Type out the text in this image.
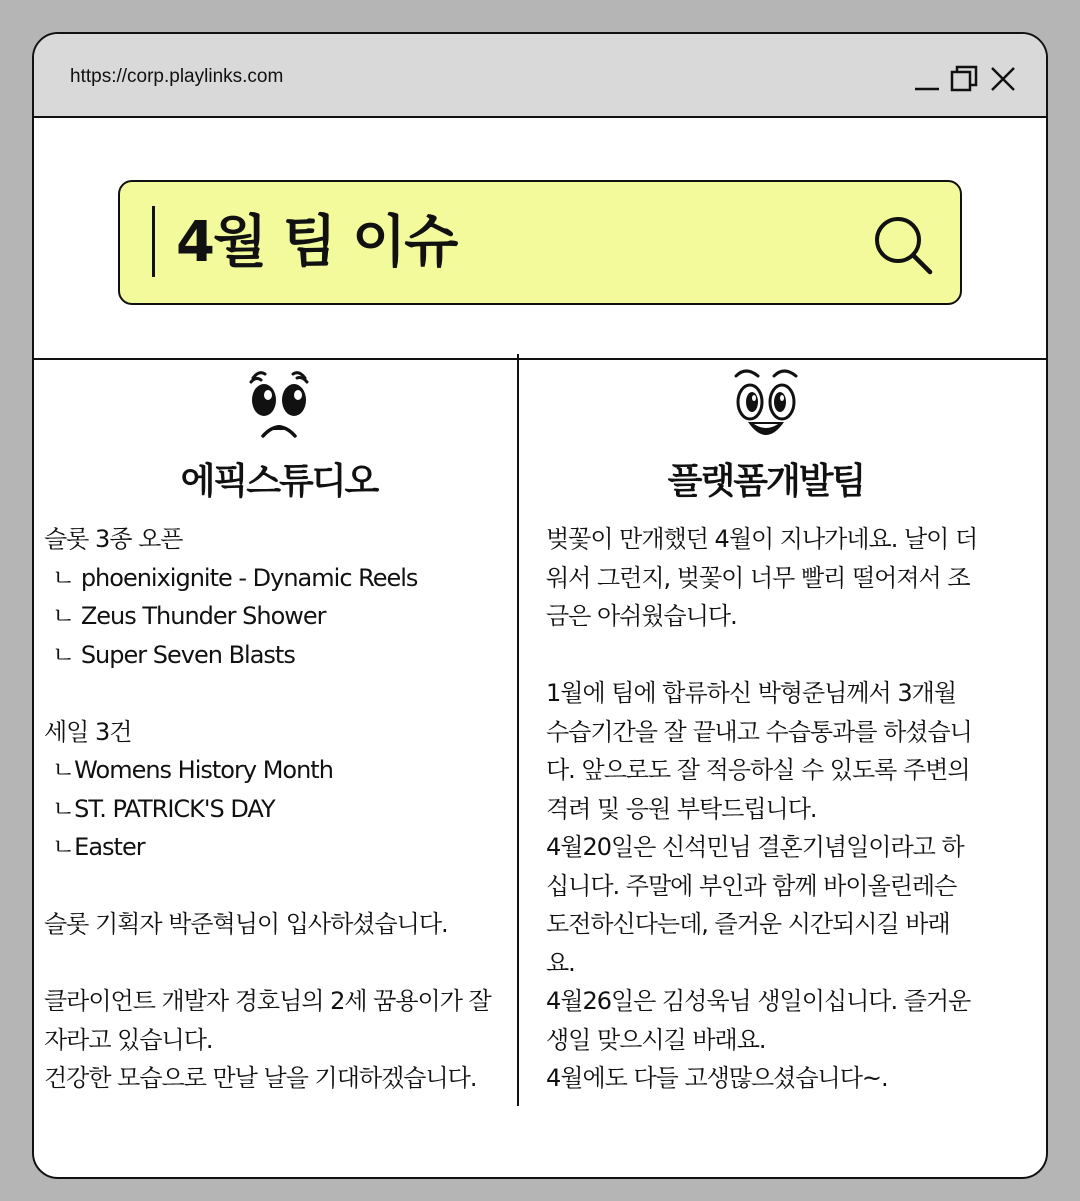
https://corp.playlinks.com
4월 팀 이슈
에픽스튜디오
슬롯 3종 오픈
ㄴ phoenixignite - Dynamic Reels
ㄴ Zeus Thunder Shower
ㄴ Super Seven Blasts
세일 3건
ㄴWomens History Month
ㄴST. PATRICK'S DAY
ㄴEaster
슬롯 기획자 박준혁님이 입사하셨습니다.
클라이언트 개발자 경호님의 2세 꿈용이가 잘
자라고 있습니다.
건강한 모습으로 만날 날을 기대하겠습니다.
플랫폼개발팀
벚꽃이 만개했던 4월이 지나가네요. 날이 더
워서 그런지, 벚꽃이 너무 빨리 떨어져서 조
금은 아쉬웠습니다.
1월에 팀에 합류하신 박형준님께서 3개월
수습기간을 잘 끝내고 수습통과를 하셨습니
다. 앞으로도 잘 적응하실 수 있도록 주변의
격려 및 응원 부탁드립니다.
4월20일은 신석민님 결혼기념일이라고 하
십니다. 주말에 부인과 함께 바이올린레슨
도전하신다는데, 즐거운 시간되시길 바래
요.
4월26일은 김성욱님 생일이십니다. 즐거운
생일 맞으시길 바래요.
4월에도 다들 고생많으셨습니다~.
